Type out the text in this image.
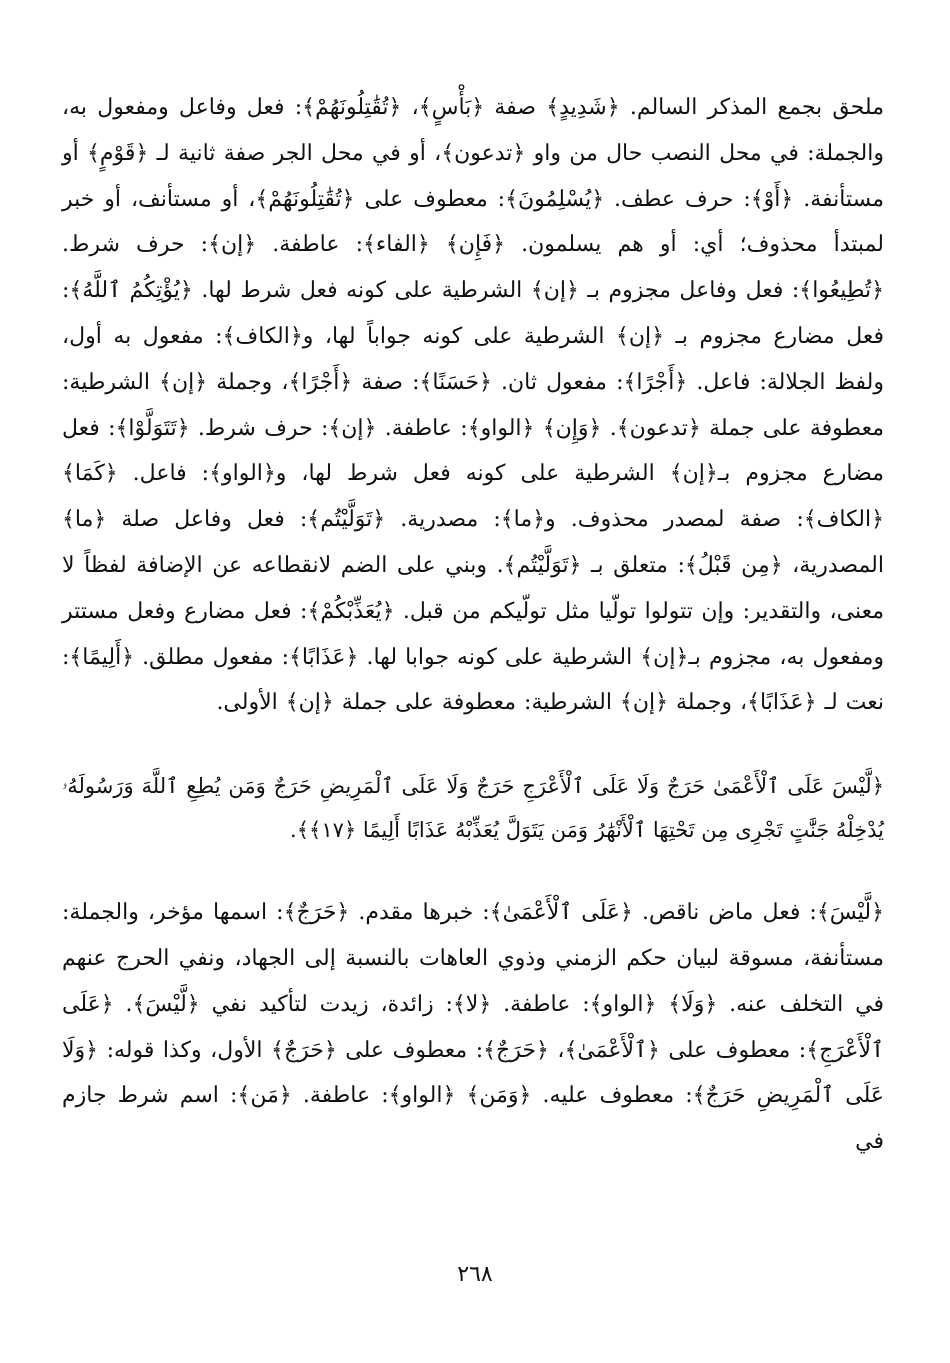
ملحق بجمع المذكر السالم. ﴿شَدِيدٍ﴾ صفة ﴿بَأْسٍ﴾، ﴿تُقَٰتِلُونَهُمْ﴾: فعل وفاعل ومفعول به، والجملة: في محل النصب حال من واو ﴿تدعون﴾، أو في محل الجر صفة ثانية لـ ﴿قَوْمٍ﴾ أو مستأنفة. ﴿أَوْ﴾: حرف عطف. ﴿يُسْلِمُونَ﴾: معطوف على ﴿تُقَٰتِلُونَهُمْ﴾، أو مستأنف، أو خبر لمبتدأ محذوف؛ أي: أو هم يسلمون. ﴿فَإِن﴾ ﴿الفاء﴾: عاطفة. ﴿إن﴾: حرف شرط. ﴿تُطِيعُوا﴾: فعل وفاعل مجزوم بـ ﴿إن﴾ الشرطية على كونه فعل شرط لها. ﴿يُؤْتِكُمُ ٱللَّهُ﴾: فعل مضارع مجزوم بـ ﴿إن﴾ الشرطية على كونه جواباً لها، و﴿الكاف﴾: مفعول به أول، ولفظ الجلالة: فاعل. ﴿أَجْرًا﴾: مفعول ثان. ﴿حَسَنًا﴾: صفة ﴿أَجْرًا﴾، وجملة ﴿إن﴾ الشرطية: معطوفة على جملة ﴿تدعون﴾. ﴿وَإِن﴾ ﴿الواو﴾: عاطفة. ﴿إن﴾: حرف شرط. ﴿تَتَوَلَّوْا﴾: فعل مضارع مجزوم بـ﴿إن﴾ الشرطية على كونه فعل شرط لها، و﴿الواو﴾: فاعل. ﴿كَمَا﴾ ﴿الكاف﴾: صفة لمصدر محذوف. و﴿ما﴾: مصدرية. ﴿تَوَلَّيْتُم﴾: فعل وفاعل صلة ﴿ما﴾ المصدرية، ﴿مِن قَبْلُ﴾: متعلق بـ ﴿تَوَلَّيْتُم﴾. وبني على الضم لانقطاعه عن الإضافة لفظاً لا معنى، والتقدير: وإن تتولوا تولّيا مثل تولّيكم من قبل. ﴿يُعَذِّبْكُمْ﴾: فعل مضارع وفعل مستتر ومفعول به، مجزوم بـ﴿إن﴾ الشرطية على كونه جوابا لها. ﴿عَذَابًا﴾: مفعول مطلق. ﴿أَلِيمًا﴾: نعت لـ ﴿عَذَابًا﴾، وجملة ﴿إن﴾ الشرطية: معطوفة على جملة ﴿إن﴾ الأولى.

﴿لَّيْسَ عَلَى ٱلْأَعْمَىٰ حَرَجٌ وَلَا عَلَى ٱلْأَعْرَجِ حَرَجٌ وَلَا عَلَى ٱلْمَرِيضِ حَرَجٌ وَمَن يُطِعِ ٱللَّهَ وَرَسُولَهُۥ يُدْخِلْهُ جَنَّٰتٍ تَجْرِى مِن تَحْتِهَا ٱلْأَنْهَٰرُ وَمَن يَتَوَلَّ يُعَذِّبْهُ عَذَابًا أَلِيمًا ﴿١٧﴾﴾.

﴿لَّيْسَ﴾: فعل ماض ناقص. ﴿عَلَى ٱلْأَعْمَىٰ﴾: خبرها مقدم. ﴿حَرَجٌ﴾: اسمها مؤخر، والجملة: مستأنفة، مسوقة لبيان حكم الزمني وذوي العاهات بالنسبة إلى الجهاد، ونفي الحرج عنهم في التخلف عنه. ﴿وَلَا﴾ ﴿الواو﴾: عاطفة. ﴿لا﴾: زائدة، زيدت لتأكيد نفي ﴿لَّيْسَ﴾. ﴿عَلَى ٱلْأَعْرَجِ﴾: معطوف على ﴿ٱلْأَعْمَىٰ﴾، ﴿حَرَجٌ﴾: معطوف على ﴿حَرَجٌ﴾ الأول، وكذا قوله: ﴿وَلَا عَلَى ٱلْمَرِيضِ حَرَجٌ﴾: معطوف عليه. ﴿وَمَن﴾ ﴿الواو﴾: عاطفة. ﴿مَن﴾: اسم شرط جازم في

٢٦٨
